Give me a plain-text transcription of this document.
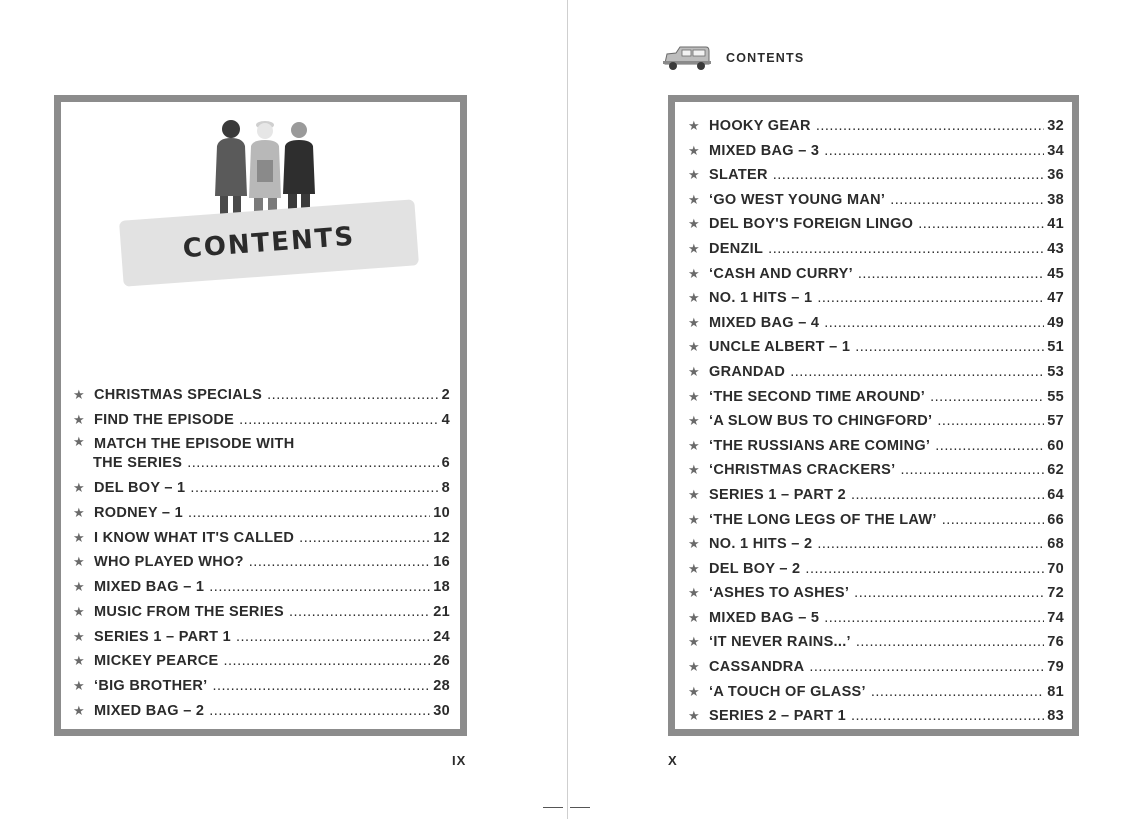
CONTENTS
★ CHRISTMAS SPECIALS .....	2
★ FIND THE EPISODE .....	4
★ MATCH THE EPISODE WITH
THE SERIES .....	6
★ DEL BOY – 1 .....	8
★ RODNEY – 1 .....	10
★ I KNOW WHAT IT'S CALLED .....	12
★ WHO PLAYED WHO? .....	16
★ MIXED BAG – 1 .....	18
★ MUSIC FROM THE SERIES .....	21
★ SERIES 1 – PART 1 .....	24
★ MICKEY PEARCE .....	26
★ ‘BIG BROTHER’ .....	28
★ MIXED BAG – 2 .....	30
IX
CONTENTS
★ HOOKY GEAR .....	32
★ MIXED BAG – 3 .....	34
★ SLATER .....	36
★ ‘GO WEST YOUNG MAN’ .....	38
★ DEL BOY'S FOREIGN LINGO .....	41
★ DENZIL .....	43
★ ‘CASH AND CURRY’ .....	45
★ NO. 1 HITS – 1 .....	47
★ MIXED BAG – 4 .....	49
★ UNCLE ALBERT – 1 .....	51
★ GRANDAD .....	53
★ ‘THE SECOND TIME AROUND’ .....	55
★ ‘A SLOW BUS TO CHINGFORD’ .....	57
★ ‘THE RUSSIANS ARE COMING’ .....	60
★ ‘CHRISTMAS CRACKERS’ .....	62
★ SERIES 1 – PART 2 .....	64
★ ‘THE LONG LEGS OF THE LAW’ .....	66
★ NO. 1 HITS – 2 .....	68
★ DEL BOY – 2 .....	70
★ ‘ASHES TO ASHES’ .....	72
★ MIXED BAG – 5 .....	74
★ ‘IT NEVER RAINS...’ .....	76
★ CASSANDRA .....	79
★ ‘A TOUCH OF GLASS’ .....	81
★ SERIES 2 – PART 1 .....	83
X
